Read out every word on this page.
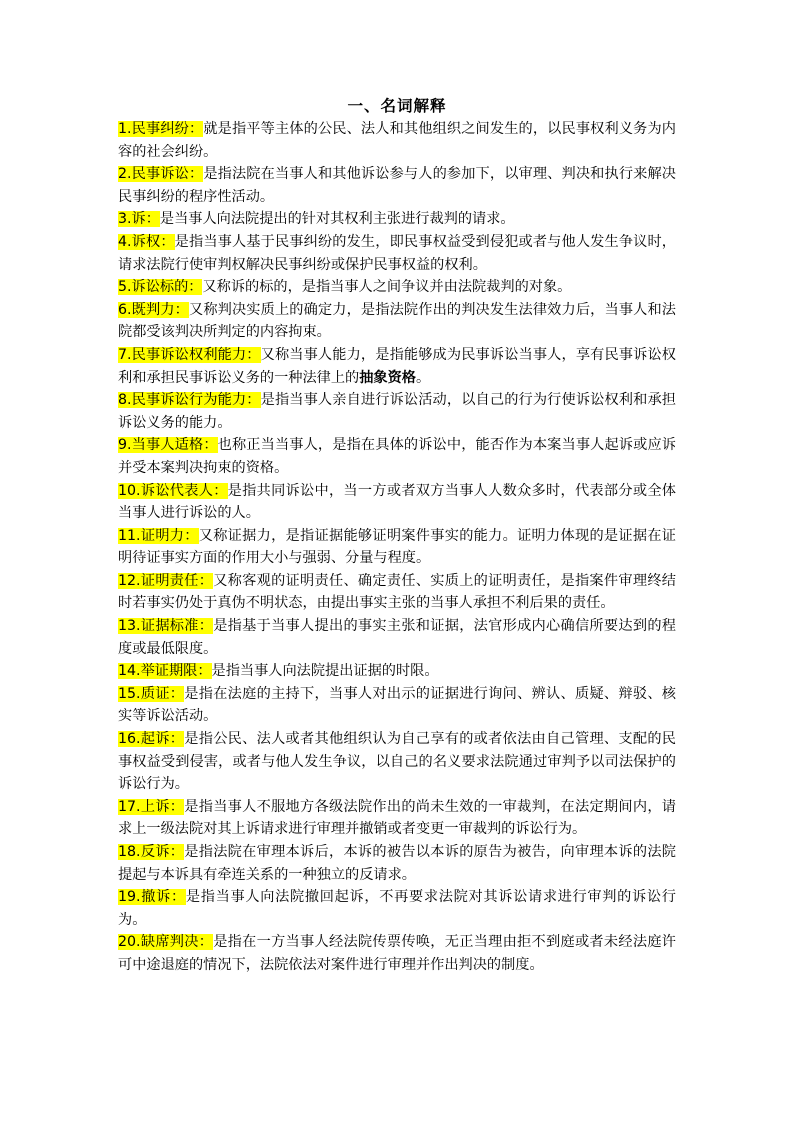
一、名词解释

1.民事纠纷：就是指平等主体的公民、法人和其他组织之间发生的，以民事权利义务为内容的社会纠纷。

2.民事诉讼：是指法院在当事人和其他诉讼参与人的参加下，以审理、判决和执行来解决民事纠纷的程序性活动。

3.诉：是当事人向法院提出的针对其权利主张进行裁判的请求。

4.诉权：是指当事人基于民事纠纷的发生，即民事权益受到侵犯或者与他人发生争议时，请求法院行使审判权解决民事纠纷或保护民事权益的权利。

5.诉讼标的：又称诉的标的，是指当事人之间争议并由法院裁判的对象。

6.既判力：又称判决实质上的确定力，是指法院作出的判决发生法律效力后，当事人和法院都受该判决所判定的内容拘束。

7.民事诉讼权利能力：又称当事人能力，是指能够成为民事诉讼当事人，享有民事诉讼权利和承担民事诉讼义务的一种法律上的抽象资格。

8.民事诉讼行为能力：是指当事人亲自进行诉讼活动，以自己的行为行使诉讼权利和承担诉讼义务的能力。

9.当事人适格：也称正当当事人，是指在具体的诉讼中，能否作为本案当事人起诉或应诉并受本案判决拘束的资格。

10.诉讼代表人：是指共同诉讼中，当一方或者双方当事人人数众多时，代表部分或全体当事人进行诉讼的人。

11.证明力：又称证据力，是指证据能够证明案件事实的能力。证明力体现的是证据在证明待证事实方面的作用大小与强弱、分量与程度。

12.证明责任：又称客观的证明责任、确定责任、实质上的证明责任，是指案件审理终结时若事实仍处于真伪不明状态，由提出事实主张的当事人承担不利后果的责任。

13.证据标准：是指基于当事人提出的事实主张和证据，法官形成内心确信所要达到的程度或最低限度。

14.举证期限：是指当事人向法院提出证据的时限。

15.质证：是指在法庭的主持下，当事人对出示的证据进行询问、辨认、质疑、辩驳、核实等诉讼活动。

16.起诉：是指公民、法人或者其他组织认为自己享有的或者依法由自己管理、支配的民事权益受到侵害，或者与他人发生争议，以自己的名义要求法院通过审判予以司法保护的诉讼行为。

17.上诉：是指当事人不服地方各级法院作出的尚未生效的一审裁判，在法定期间内，请求上一级法院对其上诉请求进行审理并撤销或者变更一审裁判的诉讼行为。

18.反诉：是指法院在审理本诉后，本诉的被告以本诉的原告为被告，向审理本诉的法院提起与本诉具有牵连关系的一种独立的反请求。

19.撤诉：是指当事人向法院撤回起诉，不再要求法院对其诉讼请求进行审判的诉讼行为。

20.缺席判决：是指在一方当事人经法院传票传唤，无正当理由拒不到庭或者未经法庭许可中途退庭的情况下，法院依法对案件进行审理并作出判决的制度。
